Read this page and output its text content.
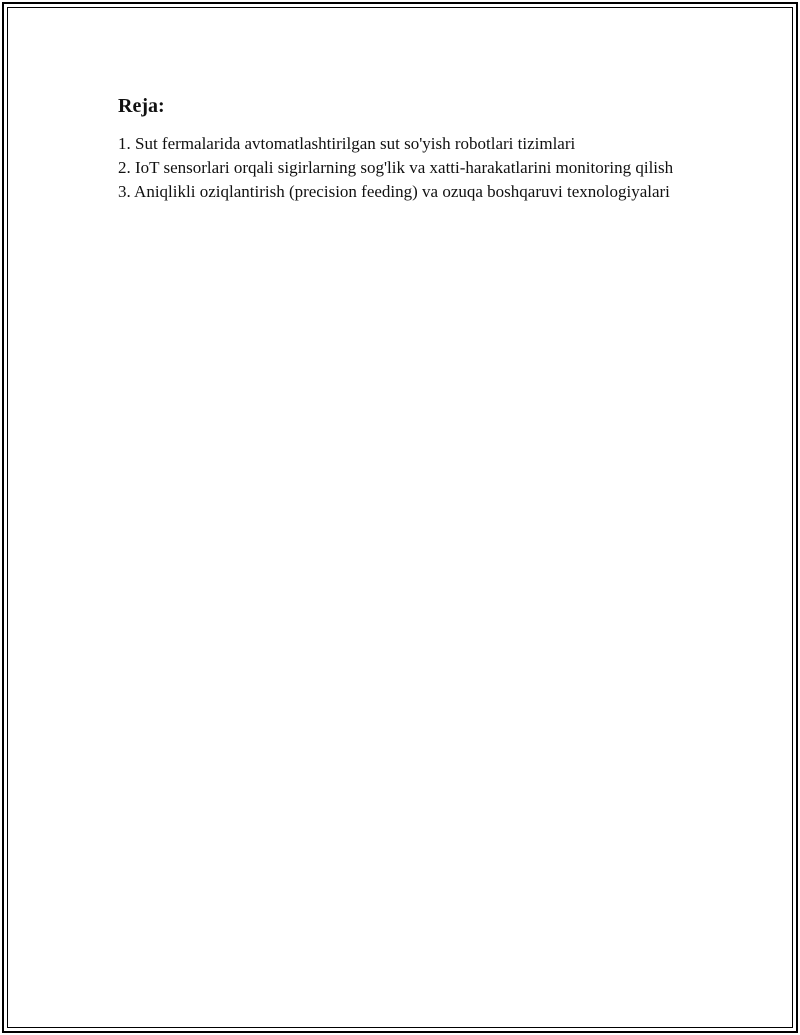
Reja:
1. Sut fermalarida avtomatlashtirilgan sut so'yish robotlari tizimlari
2. IoT sensorlari orqali sigirlarning sog'lik va xatti-harakatlarini monitoring qilish
3. Aniqlikli oziqlantirish (precision feeding) va ozuqa boshqaruvi texnologiyalari
